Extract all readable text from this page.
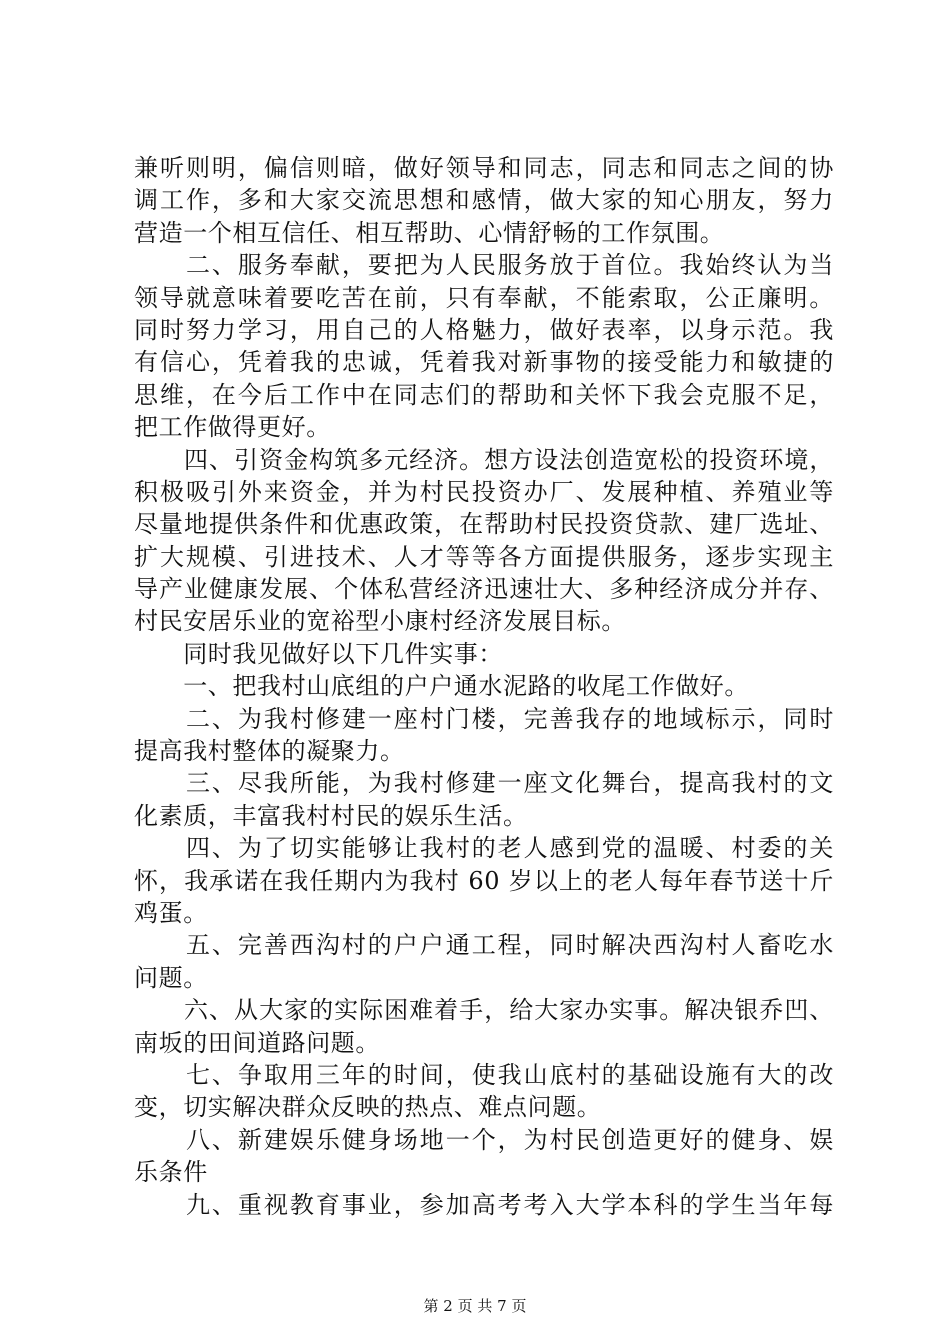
兼听则明，偏信则暗，做好领导和同志，同志和同志之间的协
调工作，多和大家交流思想和感情，做大家的知心朋友，努力
营造一个相互信任、相互帮助、心情舒畅的工作氛围。
　　二、服务奉献，要把为人民服务放于首位。我始终认为当
领导就意味着要吃苦在前，只有奉献，不能索取，公正廉明。
同时努力学习，用自己的人格魅力，做好表率，以身示范。我
有信心，凭着我的忠诚，凭着我对新事物的接受能力和敏捷的
思维，在今后工作中在同志们的帮助和关怀下我会克服不足，
把工作做得更好。
　　四、引资金构筑多元经济。想方设法创造宽松的投资环境，
积极吸引外来资金，并为村民投资办厂、发展种植、养殖业等
尽量地提供条件和优惠政策，在帮助村民投资贷款、建厂选址、
扩大规模、引进技术、人才等等各方面提供服务，逐步实现主
导产业健康发展、个体私营经济迅速壮大、多种经济成分并存、
村民安居乐业的宽裕型小康村经济发展目标。
　　同时我见做好以下几件实事：
　　一、把我村山底组的户户通水泥路的收尾工作做好。
　　二、为我村修建一座村门楼，完善我存的地域标示，同时
提高我村整体的凝聚力。
　　三、尽我所能，为我村修建一座文化舞台，提高我村的文
化素质，丰富我村村民的娱乐生活。
　　四、为了切实能够让我村的老人感到党的温暖、村委的关
怀，我承诺在我任期内为我村 60 岁以上的老人每年春节送十斤
鸡蛋。
　　五、完善西沟村的户户通工程，同时解决西沟村人畜吃水
问题。
　　六、从大家的实际困难着手，给大家办实事。解决银乔凹、
南坂的田间道路问题。
　　七、争取用三年的时间，使我山底村的基础设施有大的改
变，切实解决群众反映的热点、难点问题。
　　八、新建娱乐健身场地一个，为村民创造更好的健身、娱
乐条件
　　九、重视教育事业，参加高考考入大学本科的学生当年每
第 2 页 共 7 页
